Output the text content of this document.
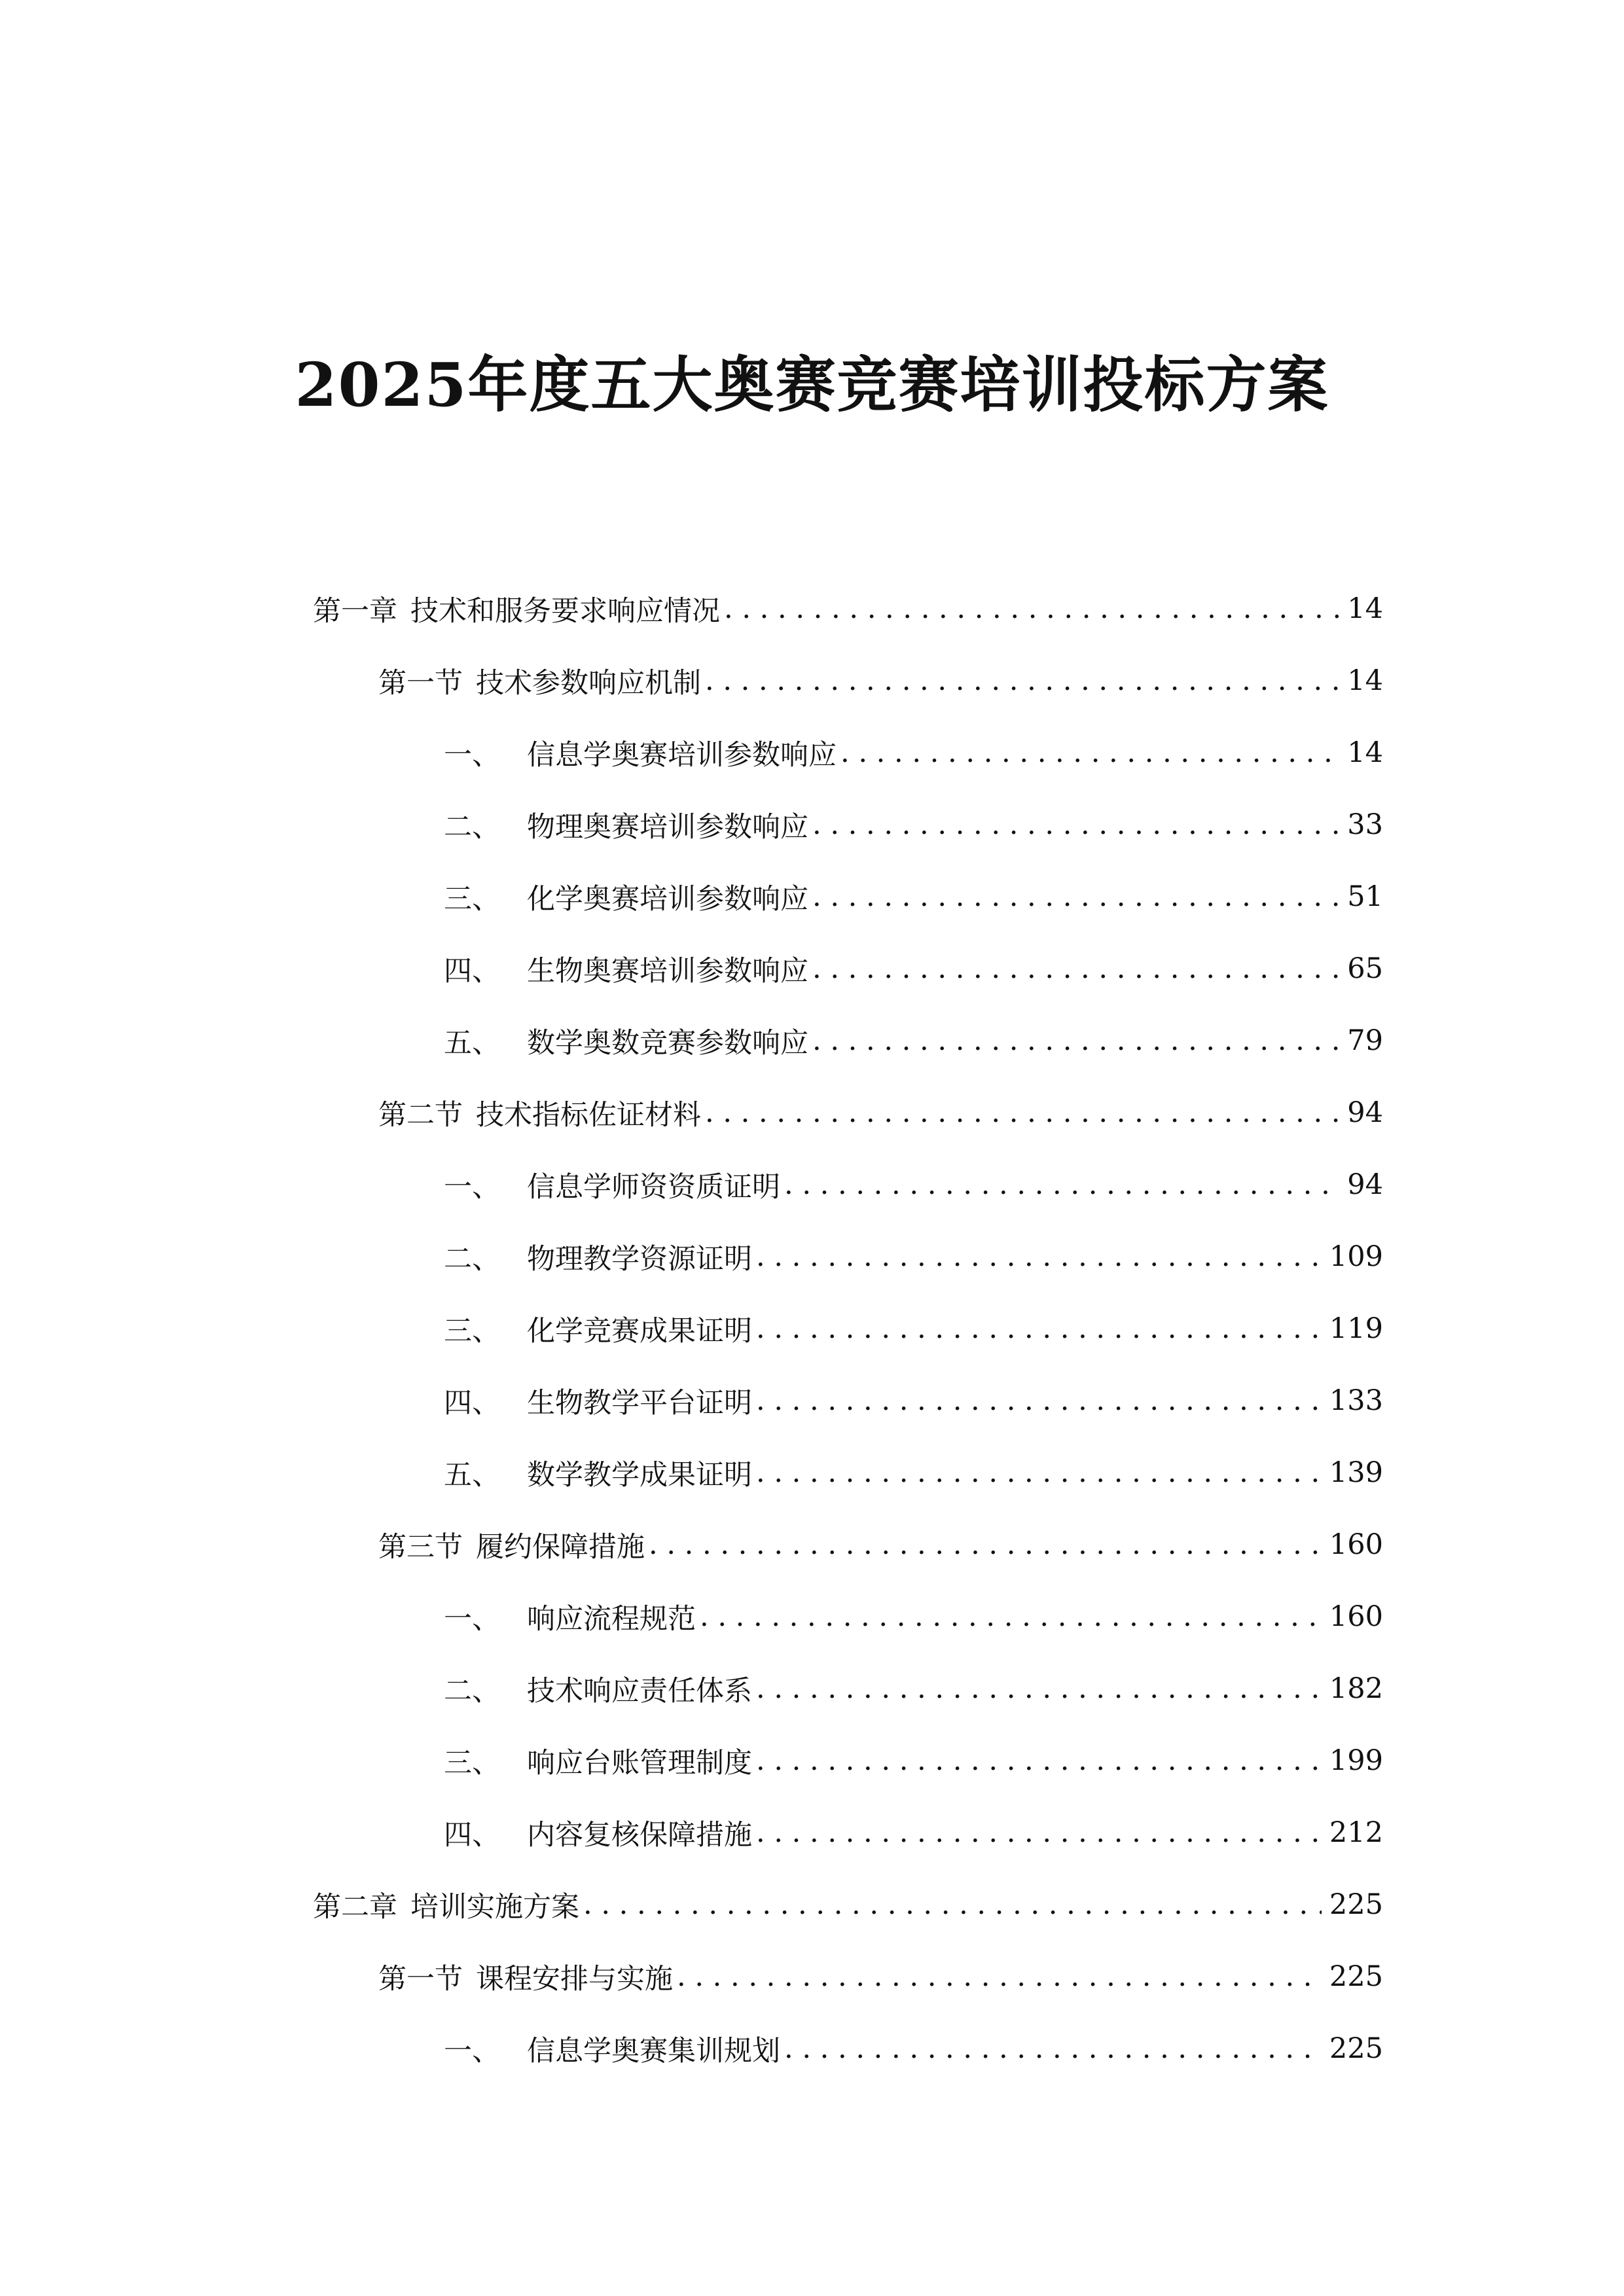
2025年度五大奥赛竞赛培训投标方案
第一章 技术和服务要求响应情况 . . .	14
第一节 技术参数响应机制 . . .	14
一、 信息学奥赛培训参数响应 . . .	14
二、 物理奥赛培训参数响应 . . .	33
三、 化学奥赛培训参数响应 . . .	51
四、 生物奥赛培训参数响应 . . .	65
五、 数学奥数竞赛参数响应 . . .	79
第二节 技术指标佐证材料 . . .	94
一、 信息学师资资质证明 . . .	94
二、 物理教学资源证明 . . .	109
三、 化学竞赛成果证明 . . .	119
四、 生物教学平台证明 . . .	133
五、 数学教学成果证明 . . .	139
第三节 履约保障措施 . . .	160
一、 响应流程规范 . . .	160
二、 技术响应责任体系 . . .	182
三、 响应台账管理制度 . . .	199
四、 内容复核保障措施 . . .	212
第二章 培训实施方案 . . .	225
第一节 课程安排与实施 . . .	225
一、 信息学奥赛集训规划 . . .	225
